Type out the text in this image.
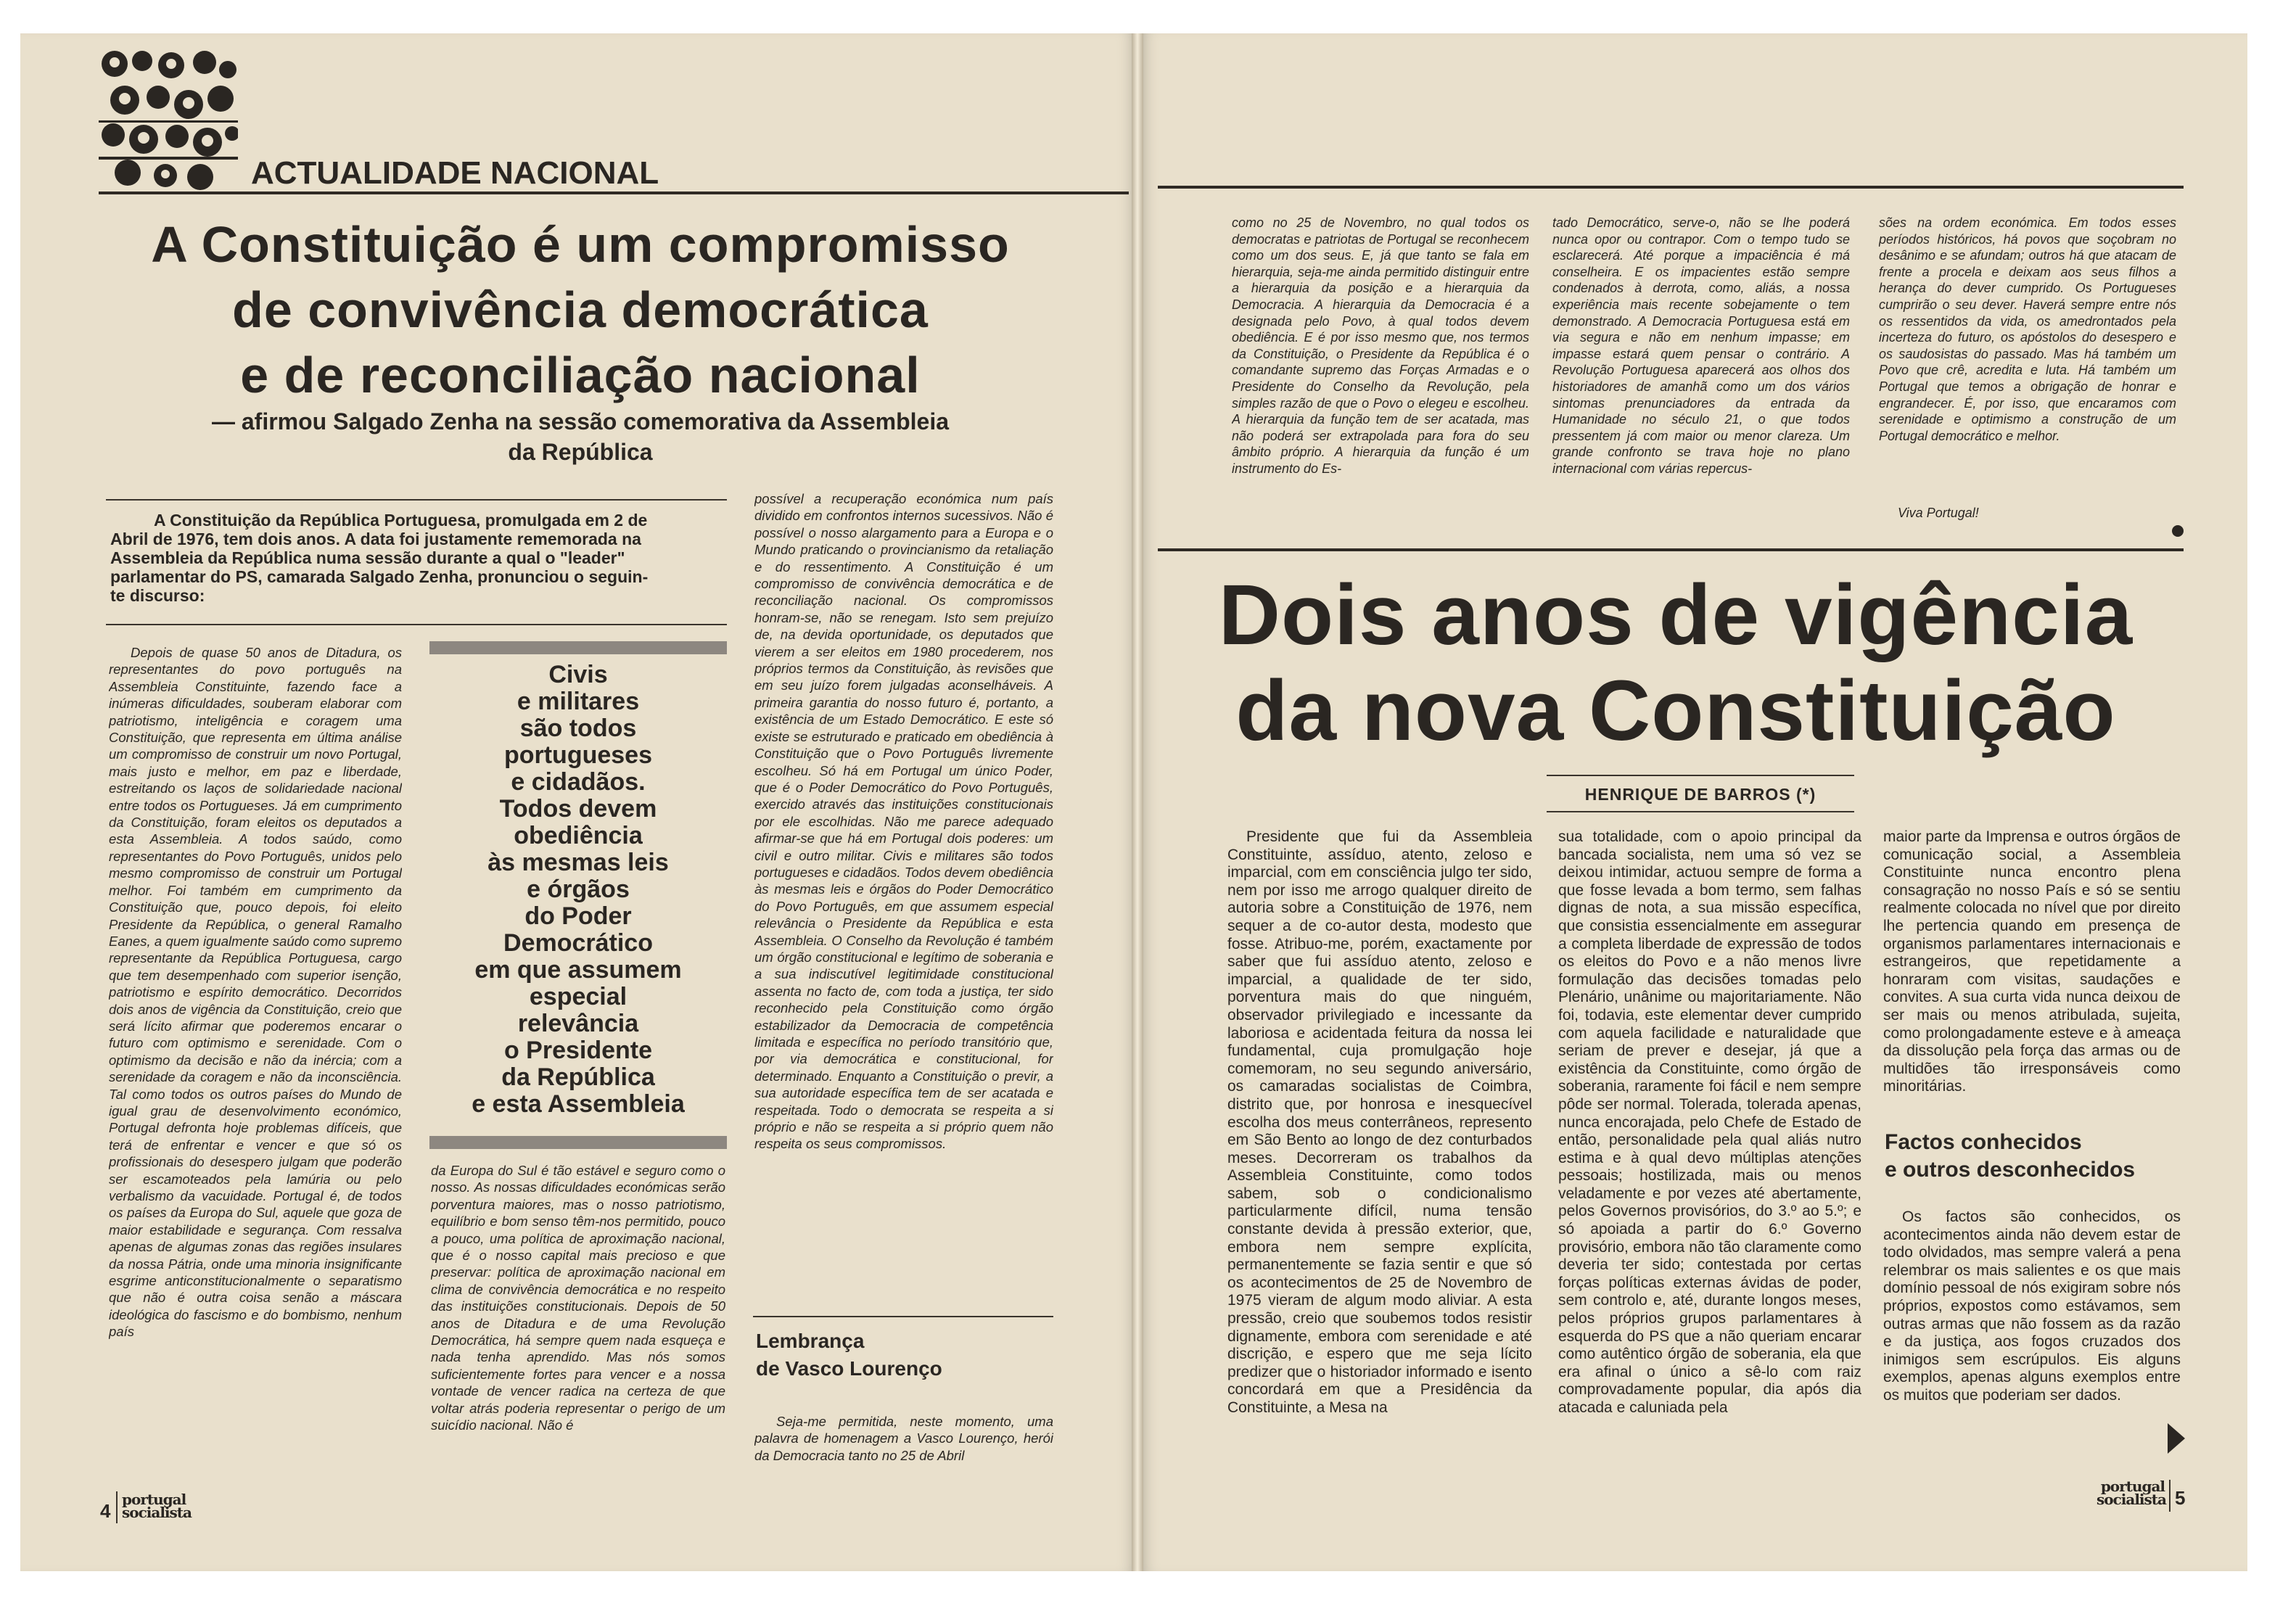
ACTUALIDADE NACIONAL
A Constituição é um compromisso
de convivência democrática
e de reconciliação nacional
— afirmou Salgado Zenha na sessão comemorativa da Assembleia
da República
A Constituição da República Portuguesa, promulgada em 2 de
Abril de 1976, tem dois anos. A data foi justamente rememorada na
Assembleia da República numa sessão durante a qual o "leader"
parlamentar do PS, camarada Salgado Zenha, pronunciou o seguin-
te discurso:
Depois de quase 50 anos de Ditadura, os representantes do povo português na Assembleia Constituinte, fazendo face a inúmeras dificuldades, souberam elaborar com patriotismo, inteligência e coragem uma Constituição, que representa em última análise um compromisso de construir um novo Portugal, mais justo e melhor, em paz e liberdade, estreitando os laços de solidariedade nacional entre todos os Portugueses. Já em cumprimento da Constituição, foram eleitos os deputados a esta Assembleia. A todos saúdo, como representantes do Povo Português, unidos pelo mesmo compromisso de construir um Portugal melhor. Foi também em cumprimento da Constituição que, pouco depois, foi eleito Presidente da República, o general Ramalho Eanes, a quem igualmente saúdo como supremo representante da República Portuguesa, cargo que tem desempenhado com superior isenção, patriotismo e espírito democrático. Decorridos dois anos de vigência da Constituição, creio que será lícito afirmar que poderemos encarar o futuro com optimismo e serenidade. Com o optimismo da decisão e não da inércia; com a serenidade da coragem e não da inconsciência. Tal como todos os outros países do Mundo de igual grau de desenvolvimento económico, Portugal defronta hoje problemas difíceis, que terá de enfrentar e vencer e que só os profissionais do desespero julgam que poderão ser escamoteados pela lamúria ou pelo verbalismo da vacuidade. Portugal é, de todos os países da Europa do Sul, aquele que goza de maior estabilidade e segurança. Com ressalva apenas de algumas zonas das regiões insulares da nossa Pátria, onde uma minoria insignificante esgrime anticonstitucionalmente o separatismo que não é outra coisa senão a máscara ideológica do fascismo e do bombismo, nenhum país
Civis
e militares
são todos
portugueses
e cidadãos.
Todos devem
obediência
às mesmas leis
e órgãos
do Poder
Democrático
em que assumem
especial
relevância
o Presidente
da República
e esta Assembleia
da Europa do Sul é tão estável e seguro como o nosso. As nossas dificuldades económicas serão porventura maiores, mas o nosso patriotismo, equilíbrio e bom senso têm-nos permitido, pouco a pouco, uma política de aproximação nacional, que é o nosso capital mais precioso e que preservar: política de aproximação nacional em clima de convivência democrática e no respeito das instituições constitucionais. Depois de 50 anos de Ditadura e de uma Revolução Democrática, há sempre quem nada esqueça e nada tenha aprendido. Mas nós somos suficientemente fortes para vencer e a nossa vontade de vencer radica na certeza de que voltar atrás poderia representar o perigo de um suicídio nacional. Não é
possível a recuperação económica num país dividido em confrontos internos sucessivos. Não é possível o nosso alargamento para a Europa e o Mundo praticando o provincianismo da retaliação e do ressentimento. A Constituição é um compromisso de convivência democrática e de reconciliação nacional. Os compromissos honram-se, não se renegam. Isto sem prejuízo de, na devida oportunidade, os deputados que vierem a ser eleitos em 1980 procederem, nos próprios termos da Constituição, às revisões que em seu juízo forem julgadas aconselháveis. A primeira garantia do nosso futuro é, portanto, a existência de um Estado Democrático. E este só existe se estruturado e praticado em obediência à Constituição que o Povo Português livremente escolheu. Só há em Portugal um único Poder, que é o Poder Democrático do Povo Português, exercido através das instituições constitucionais por ele escolhidas. Não me parece adequado afirmar-se que há em Portugal dois poderes: um civil e outro militar. Civis e militares são todos portugueses e cidadãos. Todos devem obediência às mesmas leis e órgãos do Poder Democrático do Povo Português, em que assumem especial relevância o Presidente da República e esta Assembleia. O Conselho da Revolução é também um órgão constitucional e legítimo de soberania e a sua indiscutível legitimidade constitucional assenta no facto de, com toda a justiça, ter sido reconhecido pela Constituição como órgão estabilizador da Democracia de competência limitada e específica no período transitório que, por via democrática e constitucional, for determinado. Enquanto a Constituição o previr, a sua autoridade específica tem de ser acatada e respeitada. Todo o democrata se respeita a si próprio e não se respeita a si próprio quem não respeita os seus compromissos.
Lembrança
de Vasco Lourenço
Seja-me permitida, neste momento, uma palavra de homenagem a Vasco Lourenço, herói da Democracia tanto no 25 de Abril
4
portugal
socialista
como no 25 de Novembro, no qual todos os democratas e patriotas de Portugal se reconhecem como um dos seus. E, já que tanto se fala em hierarquia, seja-me ainda permitido distinguir entre a hierarquia da posição e a hierarquia da Democracia. A hierarquia da Democracia é a designada pelo Povo, à qual todos devem obediência. E é por isso mesmo que, nos termos da Constituição, o Presidente da República é o comandante supremo das Forças Armadas e o Presidente do Conselho da Revolução, pela simples razão de que o Povo o elegeu e escolheu. A hierarquia da função tem de ser acatada, mas não poderá ser extrapolada para fora do seu âmbito próprio. A hierarquia da função é um instrumento do Es-
tado Democrático, serve-o, não se lhe poderá nunca opor ou contrapor. Com o tempo tudo se esclarecerá. Até porque a impaciência é má conselheira. E os impacientes estão sempre condenados à derrota, como, aliás, a nossa experiência mais recente sobejamente o tem demonstrado. A Democracia Portuguesa está em via segura e não em nenhum impasse; em impasse estará quem pensar o contrário. A Revolução Portuguesa aparecerá aos olhos dos historiadores de amanhã como um dos vários sintomas prenunciadores da entrada da Humanidade no século 21, o que todos pressentem já com maior ou menor clareza. Um grande confronto se trava hoje no plano internacional com várias repercus-
sões na ordem económica. Em todos esses períodos históricos, há povos que soçobram no desânimo e se afundam; outros há que atacam de frente a procela e deixam aos seus filhos a herança do dever cumprido. Os Portugueses cumprirão o seu dever. Haverá sempre entre nós os ressentidos da vida, os amedrontados pela incerteza do futuro, os apóstolos do desespero e os saudosistas do passado. Mas há também um Povo que crê, acredita e luta. Há também um Portugal que temos a obrigação de honrar e engrandecer. É, por isso, que encaramos com serenidade e optimismo a construção de um Portugal democrático e melhor.
Viva Portugal!
Dois anos de vigência
da nova Constituição
HENRIQUE DE BARROS (*)
Presidente que fui da Assembleia Constituinte, assíduo, atento, zeloso e imparcial, com em consciência julgo ter sido, nem por isso me arrogo qualquer direito de autoria sobre a Constituição de 1976, nem sequer a de co-autor desta, modesto que fosse. Atribuo-me, porém, exactamente por saber que fui assíduo atento, zeloso e imparcial, a qualidade de ter sido, porventura mais do que ninguém, observador privilegiado e incessante da laboriosa e acidentada feitura da nossa lei fundamental, cuja promulgação hoje comemoram, no seu segundo aniversário, os camaradas socialistas de Coimbra, distrito que, por honrosa e inesquecível escolha dos meus conterrâneos, represento em São Bento ao longo de dez conturbados meses. Decorreram os trabalhos da Assembleia Constituinte, como todos sabem, sob o condicionalismo particularmente difícil, numa tensão constante devida à pressão exterior, que, embora nem sempre explícita, permanentemente se fazia sentir e que só os acontecimentos de 25 de Novembro de 1975 vieram de algum modo aliviar. A esta pressão, creio que soubemos todos resistir dignamente, embora com serenidade e até discrição, e espero que me seja lícito predizer que o historiador informado e isento concordará em que a Presidência da Constituinte, a Mesa na
sua totalidade, com o apoio principal da bancada socialista, nem uma só vez se deixou intimidar, actuou sempre de forma a que fosse levada a bom termo, sem falhas dignas de nota, a sua missão específica, que consistia essencialmente em assegurar a completa liberdade de expressão de todos os eleitos do Povo e a não menos livre formulação das decisões tomadas pelo Plenário, unânime ou majoritariamente. Não foi, todavia, este elementar dever cumprido com aquela facilidade e naturalidade que seriam de prever e desejar, já que a existência da Constituinte, como órgão de soberania, raramente foi fácil e nem sempre pôde ser normal. Tolerada, tolerada apenas, nunca encorajada, pelo Chefe de Estado de então, personalidade pela qual aliás nutro estima e à qual devo múltiplas atenções pessoais; hostilizada, mais ou menos veladamente e por vezes até abertamente, pelos Governos provisórios, do 3.º ao 5.º; e só apoiada a partir do 6.º Governo provisório, embora não tão claramente como deveria ter sido; contestada por certas forças políticas externas ávidas de poder, sem controlo e, até, durante longos meses, pelos próprios grupos parlamentares à esquerda do PS que a não queriam encarar como autêntico órgão de soberania, ela que era afinal o único a sê-lo com raiz comprovadamente popular, dia após dia atacada e caluniada pela
maior parte da Imprensa e outros órgãos de comunicação social, a Assembleia Constituinte nunca encontro plena consagração no nosso País e só se sentiu realmente colocada no nível que por direito lhe pertencia quando em presença de organismos parlamentares internacionais e estrangeiros, que repetidamente a honraram com visitas, saudações e convites. A sua curta vida nunca deixou de ser mais ou menos atribulada, sujeita, como prolongadamente esteve e à ameaça da dissolução pela força das armas ou de multidões tão irresponsáveis como minoritárias.
Factos conhecidos
e outros desconhecidos
Os factos são conhecidos, os acontecimentos ainda não devem estar de todo olvidados, mas sempre valerá a pena relembrar os mais salientes e os que mais domínio pessoal de nós exigiram sobre nós próprios, expostos como estávamos, sem outras armas que não fossem as da razão e da justiça, aos fogos cruzados dos inimigos sem escrúpulos. Eis alguns exemplos, apenas alguns exemplos entre os muitos que poderiam ser dados.
portugal
socialista 5
